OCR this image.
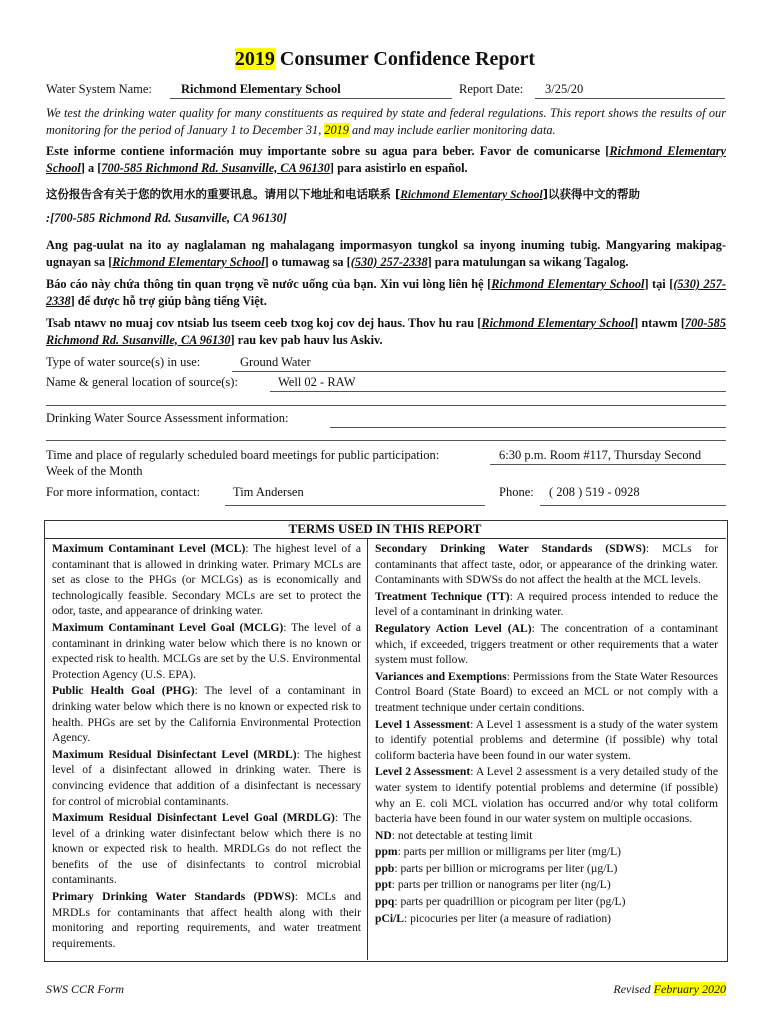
2019 Consumer Confidence Report
Water System Name: Richmond Elementary School	Report Date: 3/25/20
We test the drinking water quality for many constituents as required by state and federal regulations. This report shows the results of our monitoring for the period of January 1 to December 31, 2019 and may include earlier monitoring data.
Este informe contiene información muy importante sobre su agua para beber. Favor de comunicarse [Richmond Elementary School] a [700-585 Richmond Rd. Susanville, CA 96130] para asistirlo en español.
这份报告含有关于您的饮用水的重要讯息。请用以下地址和电话联系 [Richmond Elementary School]以获得中文的帮助
:[700-585 Richmond Rd. Susanville, CA 96130]
Ang pag-uulat na ito ay naglalaman ng mahalagang impormasyon tungkol sa inyong inuming tubig. Mangyaring makipag-ugnayan sa [Richmond Elementary School] o tumawag sa [(530) 257-2338] para matulungan sa wikang Tagalog.
Báo cáo này chứa thông tin quan trọng về nước uống của bạn. Xin vui lòng liên hệ [Richmond Elementary School] tại [(530) 257-2338] để được hỗ trợ giúp bằng tiếng Việt.
Tsab ntawv no muaj cov ntsiab lus tseem ceeb txog koj cov dej haus. Thov hu rau [Richmond Elementary School] ntawm [700-585 Richmond Rd. Susanville, CA 96130] rau kev pab hauv lus Askiv.
Type of water source(s) in use:	Ground Water
Name & general location of source(s):	Well 02 - RAW
Drinking Water Source Assessment information:
Time and place of regularly scheduled board meetings for public participation:	6:30 p.m. Room #117, Thursday Second
Week of the Month
For more information, contact:	Tim Andersen	Phone: ( 208 ) 519 - 0928
TERMS USED IN THIS REPORT

Maximum Contaminant Level (MCL): The highest level of a contaminant that is allowed in drinking water. Primary MCLs are set as close to the PHGs (or MCLGs) as is economically and technologically feasible. Secondary MCLs are set to protect the odor, taste, and appearance of drinking water.

Maximum Contaminant Level Goal (MCLG): The level of a contaminant in drinking water below which there is no known or expected risk to health. MCLGs are set by the U.S. Environmental Protection Agency (U.S. EPA).

Public Health Goal (PHG): The level of a contaminant in drinking water below which there is no known or expected risk to health. PHGs are set by the California Environmental Protection Agency.

Maximum Residual Disinfectant Level (MRDL): The highest level of a disinfectant allowed in drinking water. There is convincing evidence that addition of a disinfectant is necessary for control of microbial contaminants.

Maximum Residual Disinfectant Level Goal (MRDLG): The level of a drinking water disinfectant below which there is no known or expected risk to health. MRDLGs do not reflect the benefits of the use of disinfectants to control microbial contaminants.

Primary Drinking Water Standards (PDWS): MCLs and MRDLs for contaminants that affect health along with their monitoring and reporting requirements, and water treatment requirements.

Secondary Drinking Water Standards (SDWS): MCLs for contaminants that affect taste, odor, or appearance of the drinking water. Contaminants with SDWSs do not affect the health at the MCL levels.

Treatment Technique (TT): A required process intended to reduce the level of a contaminant in drinking water.

Regulatory Action Level (AL): The concentration of a contaminant which, if exceeded, triggers treatment or other requirements that a water system must follow.

Variances and Exemptions: Permissions from the State Water Resources Control Board (State Board) to exceed an MCL or not comply with a treatment technique under certain conditions.

Level 1 Assessment: A Level 1 assessment is a study of the water system to identify potential problems and determine (if possible) why total coliform bacteria have been found in our water system.

Level 2 Assessment: A Level 2 assessment is a very detailed study of the water system to identify potential problems and determine (if possible) why an E. coli MCL violation has occurred and/or why total coliform bacteria have been found in our water system on multiple occasions.

ND: not detectable at testing limit

ppm: parts per million or milligrams per liter (mg/L)

ppb: parts per billion or micrograms per liter (µg/L)

ppt: parts per trillion or nanograms per liter (ng/L)

ppq: parts per quadrillion or picogram per liter (pg/L)

pCi/L: picocuries per liter (a measure of radiation)

SWS CCR Form	Revised February 2020
